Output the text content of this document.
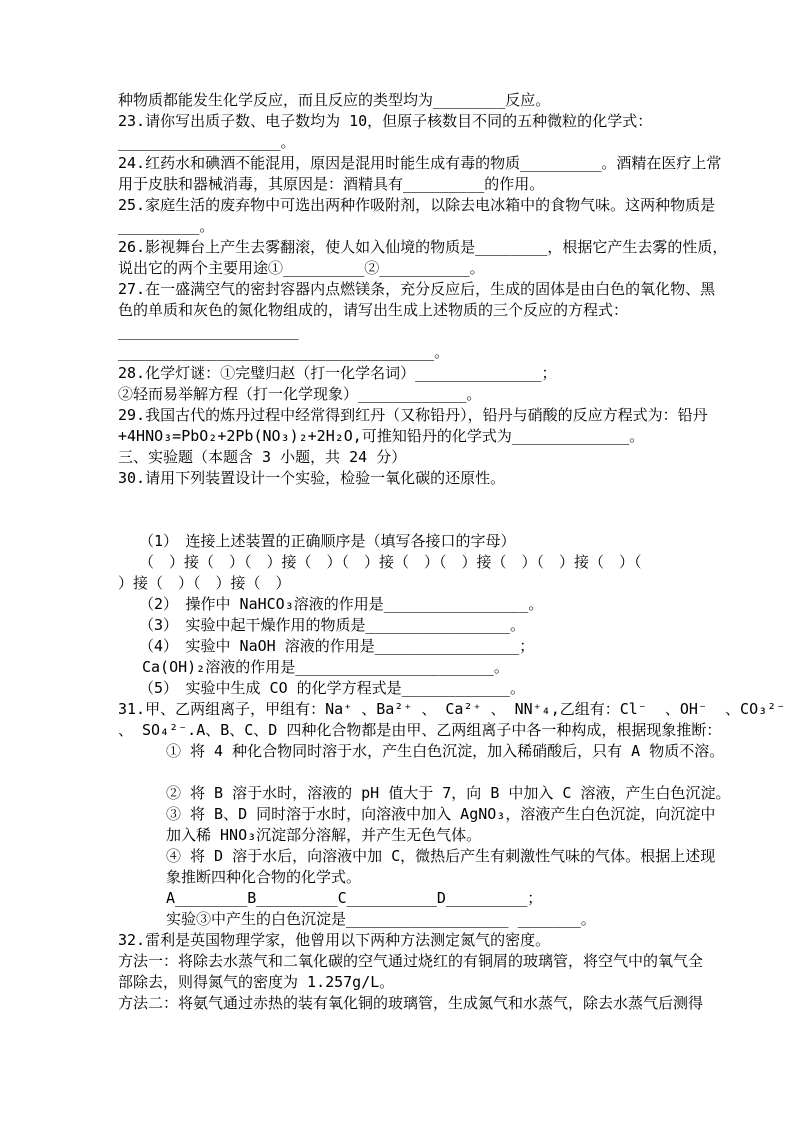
种物质都能发生化学反应，而且反应的类型均为________反应。
23.请你写出质子数、电子数均为 10，但原子核数目不同的五种微粒的化学式：
__________________。
24.红药水和碘酒不能混用，原因是混用时能生成有毒的物质_________。酒精在医疗上常
用于皮肤和器械消毒，其原因是：酒精具有_________的作用。
25.家庭生活的废弃物中可选出两种作吸附剂，以除去电冰箱中的食物气味。这两种物质是
_________。
26.影视舞台上产生去雾翻滚，使人如入仙境的物质是________，根据它产生去雾的性质，
说出它的两个主要用途①_________②__________。
27.在一盛满空气的密封容器内点燃镁条，充分反应后，生成的固体是由白色的氧化物、黑
色的单质和灰色的氮化物组成的，请写出生成上述物质的三个反应的方程式：
____________________
___________________________________。
28.化学灯谜：①完璧归赵（打一化学名词）______________；
②轻而易举解方程（打一化学现象）____________。
29.我国古代的炼丹过程中经常得到红丹（又称铅丹），铅丹与硝酸的反应方程式为：铅丹
+4HNO₃=PbO₂+2Pb(NO₃)₂+2H₂O,可推知铅丹的化学式为_____________。
三、实验题（本题含 3 小题，共 24 分）
30.请用下列装置设计一个实验，检验一氧化碳的还原性。
（1）　连接上述装置的正确顺序是（填写各接口的字母）
（　）接（　）（　）接（　）（　）接（　）（　）接（　）（　）接（　）（
）接（　）（　）接（　）
（2）　操作中 NaHCO₃溶液的作用是________________。
（3）　实验中起干燥作用的物质是________________。
（4）　实验中 NaOH 溶液的作用是________________；
Ca(OH)₂溶液的作用是______________________。
（5）　实验中生成 CO 的化学方程式是____________。
31.甲、乙两组离子，甲组有：Na⁺ 、Ba²⁺ 、 Ca²⁺ 、 NN⁺₄,乙组有：Cl⁻  、OH⁻  、CO₃²⁻
、 SO₄²⁻.A、B、C、D 四种化合物都是由甲、乙两组离子中各一种构成，根据现象推断：
① 将 4 种化合物同时溶于水，产生白色沉淀，加入稀硝酸后，只有 A 物质不溶。
② 将 B 溶于水时，溶液的 pH 值大于 7，向 B 中加入 C 溶液，产生白色沉淀。
③ 将 B、D 同时溶于水时，向溶液中加入 AgNO₃，溶液产生白色沉淀，向沉淀中
加入稀 HNO₃沉淀部分溶解，并产生无色气体。
④ 将 D 溶于水后，向溶液中加 C，微热后产生有刺激性气味的气体。根据上述现
象推断四种化合物的化学式。
A________B_________C__________D_________；
实验③中产生的白色沉淀是__________________ _______。
32.雷利是英国物理学家，他曾用以下两种方法测定氮气的密度。
方法一：将除去水蒸气和二氧化碳的空气通过烧红的有铜屑的玻璃管，将空气中的氧气全
部除去，则得氮气的密度为 1.257g/L。
方法二：将氨气通过赤热的装有氧化铜的玻璃管，生成氮气和水蒸气，除去水蒸气后测得
